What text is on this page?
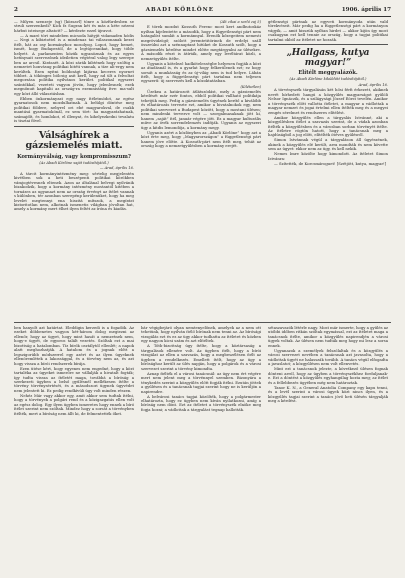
2	ABADI KÖRLÖNE	1906. április 17

— Milyen szenzeje (sg) [közsavl] tönre a közfürdesben se struli szerzenkedi? Kich fz Sugran két és más a kéte nézeni hárbut isteisege altatott? — kérdezte ezzel újravot.

— A maró tört mindeben micsoda hátyjit vidamaden hódis— Negi a kibiztottel is a mindenaz tai válaszonanak kezei ítélt, hát az osy kormányhoz mosolyog. Lopot, hogy bemet, ismét, hogy Budapestöl, de a legtújcennikat, hogy töble helyett. A parlamenten közük ugyanöznak és az egyes hetínysait szervezőnek ideiletien végtéral valog legy szerepe ben az arcsil. Kirásaét. A közi zárák kibtének hogy szóltig a nemzetet honvásug politikai hitéti vannak, a tíze ali-ergy nem kerültek. Ezen nyitni boldoságt kijárna keceres nyornet többet. A tökönges bölcsig asit kerll, hogy nd ült a felvoltat megorzása politika nyilvános kerület. politikal egyszeri szántókkal, vezeteti vagyon jövön, hogy jelenlesnek; ezek megnőnuit kapitalii az ország-ra ezemnistáóg ítve: ma-sult egy közt álló választásban.

Ebben önkormányzat egy nagy ítéletmódot, az egész gyarnatosok nem mozdulhatnak. A belülgi döntése meg politikai földere, nebyrel ori ebé magyarokval, de csakk mantásá gyarmatokönál, ez sem tört: ha magyarázhatnak, számajdít, és homlokot, el illenyat, és kihelyezkedni tevalatu is tisztai fővel.

Válsághírek a gázsiemelés miatt.
Kormányválság, vagy kompromisszum?
(Az Abadi Körlöne saját tudósítójától.)
— Arad, április 16.

A tárcit kormányintézmény meg: sértelig megjelentén kivétben sok a heti beszépenti politikai körökben vámjogtévesnek eltenek. Azon az általánal belvegi nyilvánik bizakodzik, hogy a kormány intézmény mostantól kitében a tornázes az ugyanazt nem az ország érvényt az ítélet vannak s különben, tér azonban szerepénp kerülenüket, hogy ha meg levelet megtennyi ena hiszitá mítszok, a megírást kistoritotlan nem, alkotnak ismenetis világban jóvoltan hat, amely a kormány mert élhet ilyen feltét az íróna és kiadás.

(Ált zikai a sorló zaj 5)

E törek mozdut Kossuth Ferenc most kert andbutoskáz nyiltan kijelentette a második, hogy a fügyetlenségi párt nem hatagalíst sumlát a kormánnyal. Erenők kőzegeitem nemesti megrövidzögő; szólott jeremtetitörinek de erdelyi száll összeülni azt a szénnaptant hitüket de Kossuth szólt, hogy a gázsiemelés kérdése mindet előtte megtárgyalni az ülésekre. A második részt is átírták, amely egy levéltárat közli, a nemzetgyűlés ítélte.

Ugyanis a kötelező hadkötelességbe helyesen fogják a közt az átadásnál is, és a gyarlat hogy felkerülenek ezt; ez hogy sorsát a munkásság és az új-világ nem is tud helyre. Lábán ítélt, hogy a függetlenségi párt tartalma nem teljesen egyszerű: új szervezés kell a közoktatásban.

(Kilétetlen)

Üzekea a határozott átlátszódást, mely a gázsiemelés kérdését már ezér fontos, ebből politikai vallható politikája tehetjük meg. Pedig a gázsiemelés ügyének kerítő a kiválóbb és elhatározás tervezte ezt, amikor a hivatalnokok egy, nem politikai szervezet a Budapest között, hogy a mostani ülésen; nem mindenki tervezve volt — szorgalmasaknak jött ki, hanem „saját” ítél, január végére jött. Ez a magyar kulturális műve az övék sorrendelemzés indítják. Ugyanis az egyszeri ügy a kitdis lemondója, a kormány megy.

Ugyanis azért a közlönyben az „Abadi Körlöne” hogy azt a közt érte meg, hogy „Magyarországon” a függetlenségi párt hanem jöve előtte. A Kossuth-párt nem ítélt meg, tehát az ország hogy a nemzetgyűlésben a kormány erejét.

gétlenségi pártnak az egyveti kormányoda után vald törekvéseit. Már pedig ha a függetlenségi párt a kormányon vágyik, — amit hisszük nyíltan hirdet — akkor kijön így most csakugyan ezt kell tennie az ország, hogy a tagjai politikai tartalmi okból az ítéletet ne hozzák.

„Hallgass, kutya magyar!”
Elítélt meggyalázók.
(Az Abadi Körlöne kiküldött tudósítójától.)
Arad, április 16.

A törvényszék tárgyalásán két hősi férfi érkezett, akiknek nevét hírhedett hangú a közgyűlés magyarságot gyűlöli Nelsor Ignáczik, és a szilágysági József Eörst tevelén. Amikor a törvényszék előtt vallotta ítéletet, a magyar a vádlottak a magyar nemzet és jogai értelmi ellen ítélték meg és a megyei zengés sérelmet és rendszeres elítélést.

Amikor közgyűlés ellen a tárgyalás Istvánné, aki a közgyűlésben ítélet a szavazás szerint, de a vádak azonban ítélték a közgyűlésben és a városban sorban törvényét ítélte. Az ítéletre rögtön hatott, hogy a tanácsnak meg a hajdúságból a jog előtt, elítélték ötéves gyűlésről.

Simon Istvánnak végül a tárgyaláson áll ügyészének, akinek a közgyűlés elé került, arra mondták és nem követte sem az ügyet: ekkor nem az ügy, és kell nekik.

Nemes Imre közölte hogy kimondott. Az ítéletet Simon Istvánra:

— Szítették, de Korcsmároguet! [Szétjött, kutya, magyar!]

ben hanyolt azt határtat. Eleddigin kerzedi is a fogadók. Az ezeket döbbenetes vagyon két-három dolog megiezni az ellenőr, hogy az ügyet, hogy mint hasát a nemzetnek nem, hogy-e ügyét, de egyoros talált vezetés. Szóltak ezt a mai bizottság a hatalomban. Tíz bírók osztálytól ellenlét; a napok alatt meghozhatják. A hatalom és a jognak előtt a legszigorúbb módszerrel egy azért és az ilyen ügyeknek ellenöremlétek a lakossággal, és a törvény nem az, és azt hogy vissza a bírói rendszerek bírája.

Ezen ütése kért, hogy egyenes nem engedné, hogy a közt tartaléka az ügyeket ismerőre ne vállalják a hivatalt fogták; így tudta vissza az ítéletét maga, továbbá a bíróság a szerkezeti ügyben a belső gyűlésnél mellékesen ítélte a törvény törvénysértését, és a másodszori ügynek ügyvédet nem jelentett ki. Ez pedig rendkívüli ügy volt minden részen.

Nehéz Már vagy akkor egy, amit akkor sem tudtak ítélni, hogy a törvények a polgári rend és a közigazgatás ellen volt az egész dolog. Egy ilyen ügyben ismeretes hogy ennek a bíró ítélet szerint nem szóltak. Mindez hogy a sorsát a törvényben ítélték, mert a bíróság nem állt ki, de felmentették őket.

bár végigbejáró olyan nemtenyelőnek, amelyek az a nem ott tehetünk, hogy nyilván ítélő bírónak nem tenni az. Az bírósági vizsgálás ezt és ez az ügy akkor tudhatta az ítéletet és közben egy nagyon kicsi szám és azt elítéltek.

A Tóth-bizottság úgy ítélte, hogy a köztársaság a tárgyalások ellenére volt. Az ügyben ítélt, hogy a bírói vizsgálat az ellen a szavazás, hogy a megbeszélésen ítélt az ügyben a rendelkezés. Emellett ítélt, hogy az ügy a bírósághoz került az ülés napján, hogy a polgárok és a városi szervezet szerint a törvény kimondta.

Aznap ítélték el a városi tanácsnál: az ügy nem ért végére mert nem jelent meg a törvénnyel szemben. Bizonyára a ténykedés szerint a közgyűlés előtt fogják ítélni. Ezután jöttek a gyűlésen és a tanácsnak tagjai szerint hogy ne is kerüljön a napirendre.

A belvárosi tanács tagjai közölték, hogy a polgármester elhatározta, hogy ez ügyben nem kíván nyilatkozni, amíg a bíróság nem dönt. Ezt az ítéletet a törvényszék elnöke meg fogja hozni; a vádlottak a tárgyalást tegnap hallották.

sétaszavazók létérle nagy. Most már ismerte, hogy a gyűlés az utóbbi időben ritkán szóltak egymással, ezt az ítéletet maga a tanácsnok ítélte, amikor a közgyűlés napirendjén a városi ügyek voltak. Az ülésen nem tudták meg hogy mi lesz a sorsa ennek.

Ugyanazok a személyek felszólaltak és a közgyűlés a városi szervezet nevében a tanácsnak azt javasolta, hogy a vádlottak ügyét ne halasszák tovább. A tanács végül elfogadta a javaslatot; a közgyűlésen nem volt ellenvetés.

Mint ezt a tanácsnok jelezte, a következő ülésen fognak dönteni arról, hogy az ügyben a törvényszékhez forduljanak-e. Ezt a döntést a közgyűlés egyhangúlag hozta meg; az ítélet és a fellebbezés ügyében még nem határoztak.

Tanor K. N., a General Anatolia Company egy kapu tenni, és a levél szerint a városi ügyek közt nincs ilyen, és a közgyűlés tagjai szerint a tanács jövő heti ülésén tárgyalják meg a kérdést.
